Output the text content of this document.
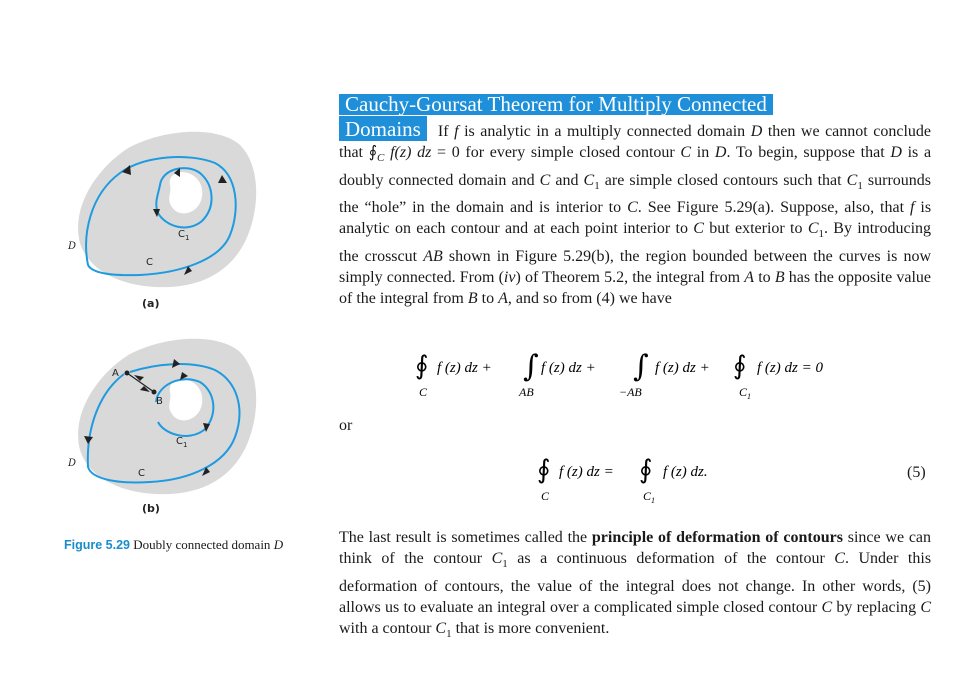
D
C
$C_1$
(a)
D
C
$C_1$
A
B
(b)
Figure 5.29 Doubly connected domain D
Cauchy-Goursat Theorem for Multiply Connected
Domains If f is analytic in a multiply connected domain D then we cannot conclude that $∮_C$ f(z) dz = 0 for every simple closed contour C in D. To begin, suppose that D is a doubly connected domain and C and $C_1$ are simple closed contours such that $C_1$ surrounds the “hole” in the domain and is interior to C. See Figure 5.29(a). Suppose, also, that f is analytic on each contour and at each point interior to C but exterior to $C_1$. By introducing the crosscut AB shown in Figure 5.29(b), the region bounded between the curves is now simply connected. From (iv) of Theorem 5.2, the integral from A to B has the opposite value of the integral from B to A, and so from (4) we have
∮ f (z) dz +
C
∫ f (z) dz +
AB
∫ f (z) dz +
−AB
∮ f (z) dz = 0
$C_1$
or
∮ f (z) dz =
C
∮ f (z) dz.
$C_1$
(5)
The last result is sometimes called the principle of deformation of contours since we can think of the contour $C_1$ as a continuous deformation of the contour C. Under this deformation of contours, the value of the integral does not change. In other words, (5) allows us to evaluate an integral over a complicated simple closed contour C by replacing C with a contour $C_1$ that is more convenient.
